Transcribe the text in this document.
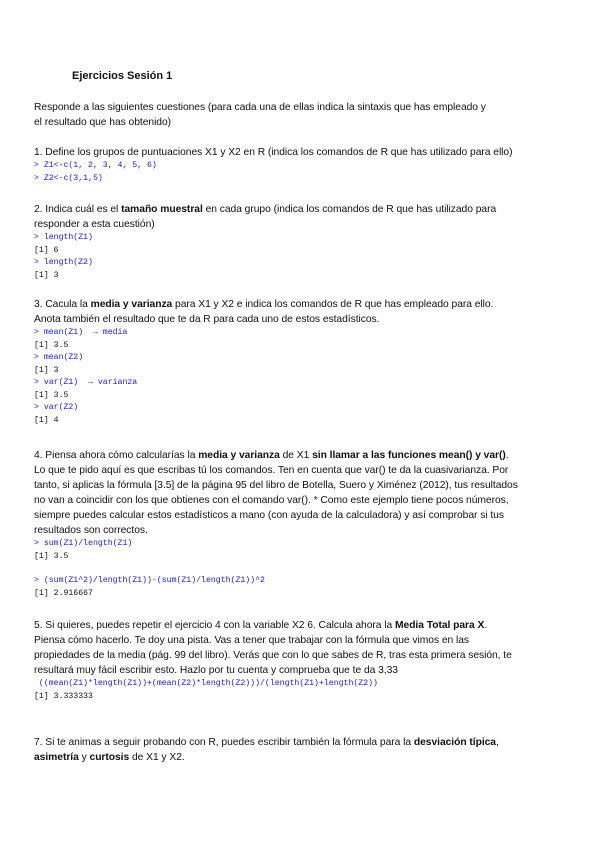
Ejercicios Sesión 1

Responde a las siguientes cuestiones (para cada una de ellas indica la sintaxis que has empleado y

el resultado que has obtenido)

1. Define los grupos de puntuaciones X1 y X2 en R (indica los comandos de R que has utilizado para ello)

> Z1<-c(1, 2, 3, 4, 5, 6)

> Z2<-c(3,1,5)

2. Indica cuál es el tamaño muestral en cada grupo (indica los comandos de R que has utilizado para

responder a esta cuestión)

> length(Z1)

[1] 6

> length(Z2)

[1] 3

3. Cacula la media y varianza para X1 y X2 e indica los comandos de R que has empleado para ello.

Anota también el resultado que te da R para cada uno de estos estadísticos.

> mean(Z1)  → media

[1] 3.5

> mean(Z2)

[1] 3

> var(Z1)  → varianza

[1] 3.5

> var(Z2)

[1] 4

4. Piensa ahora cómo calcularías la media y varianza de X1 sin llamar a las funciones mean() y var().

Lo que te pido aquí es que escribas tú los comandos. Ten en cuenta que var() te da la cuasivarianza. Por

tanto, si aplicas la fórmula [3.5] de la página 95 del libro de Botella, Suero y Ximénez (2012), tus resultados

no van a coincidir con los que obtienes con el comando var(). * Como este ejemplo tiene pocos números,

siempre puedes calcular estos estadísticos a mano (con ayuda de la calculadora) y así comprobar si tus

resultados son correctos.

> sum(Z1)/length(Z1)

[1] 3.5

> (sum(Z1^2)/length(Z1))-(sum(Z1)/length(Z1))^2

[1] 2.916667

5. Si quieres, puedes repetir el ejercicio 4 con la variable X2 6. Calcula ahora la Media Total para X.

Piensa cómo hacerlo. Te doy una pista. Vas a tener que trabajar con la fórmula que vimos en las

propiedades de la media (pág. 99 del libro). Verás que con lo que sabes de R, tras esta primera sesión, te

resultará muy fácil escribir esto. Hazlo por tu cuenta y comprueba que te da 3,33

((mean(Z1)*length(Z1))+(mean(Z2)*length(Z2)))/(length(Z1)+length(Z2))

[1] 3.333333

7. Si te animas a seguir probando con R, puedes escribir también la fórmula para la desviación típica,

asimetría y curtosis de X1 y X2.
